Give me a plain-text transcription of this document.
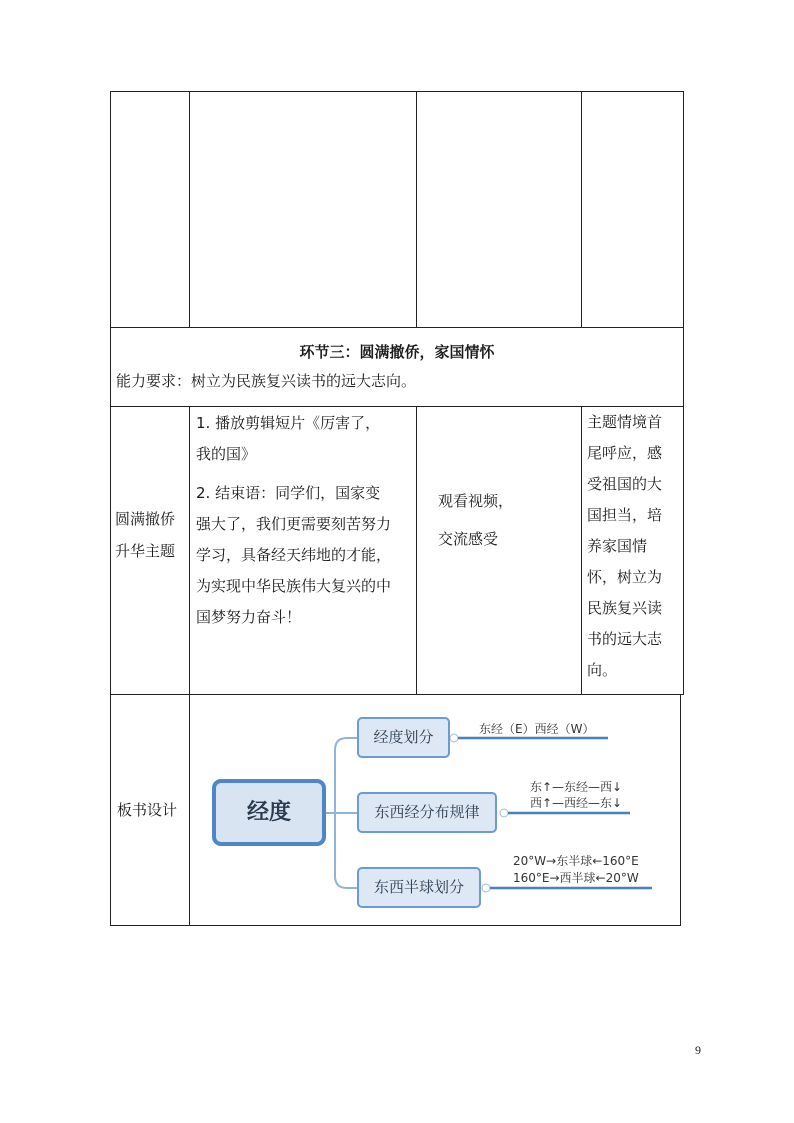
环节三：圆满撤侨，家国情怀
能力要求：树立为民族复兴读书的远大志向。
圆满撤侨
升华主题
1. 播放剪辑短片《厉害了，
我的国》
2. 结束语：同学们，国家变
强大了，我们更需要刻苦努力
学习，具备经天纬地的才能，
为实现中华民族伟大复兴的中
国梦努力奋斗！
观看视频，
交流感受
主题情境首
尾呼应，感
受祖国的大
国担当，培
养家国情
怀，树立为
民族复兴读
书的远大志
向。
板书设计	经度
经度划分
东西经分布规律
东西半球划分
东经（E）西经（W）
东↑—东经—西↓
西↑—西经—东↓
20°W→东半球←160°E
160°E→西半球←20°W
9
